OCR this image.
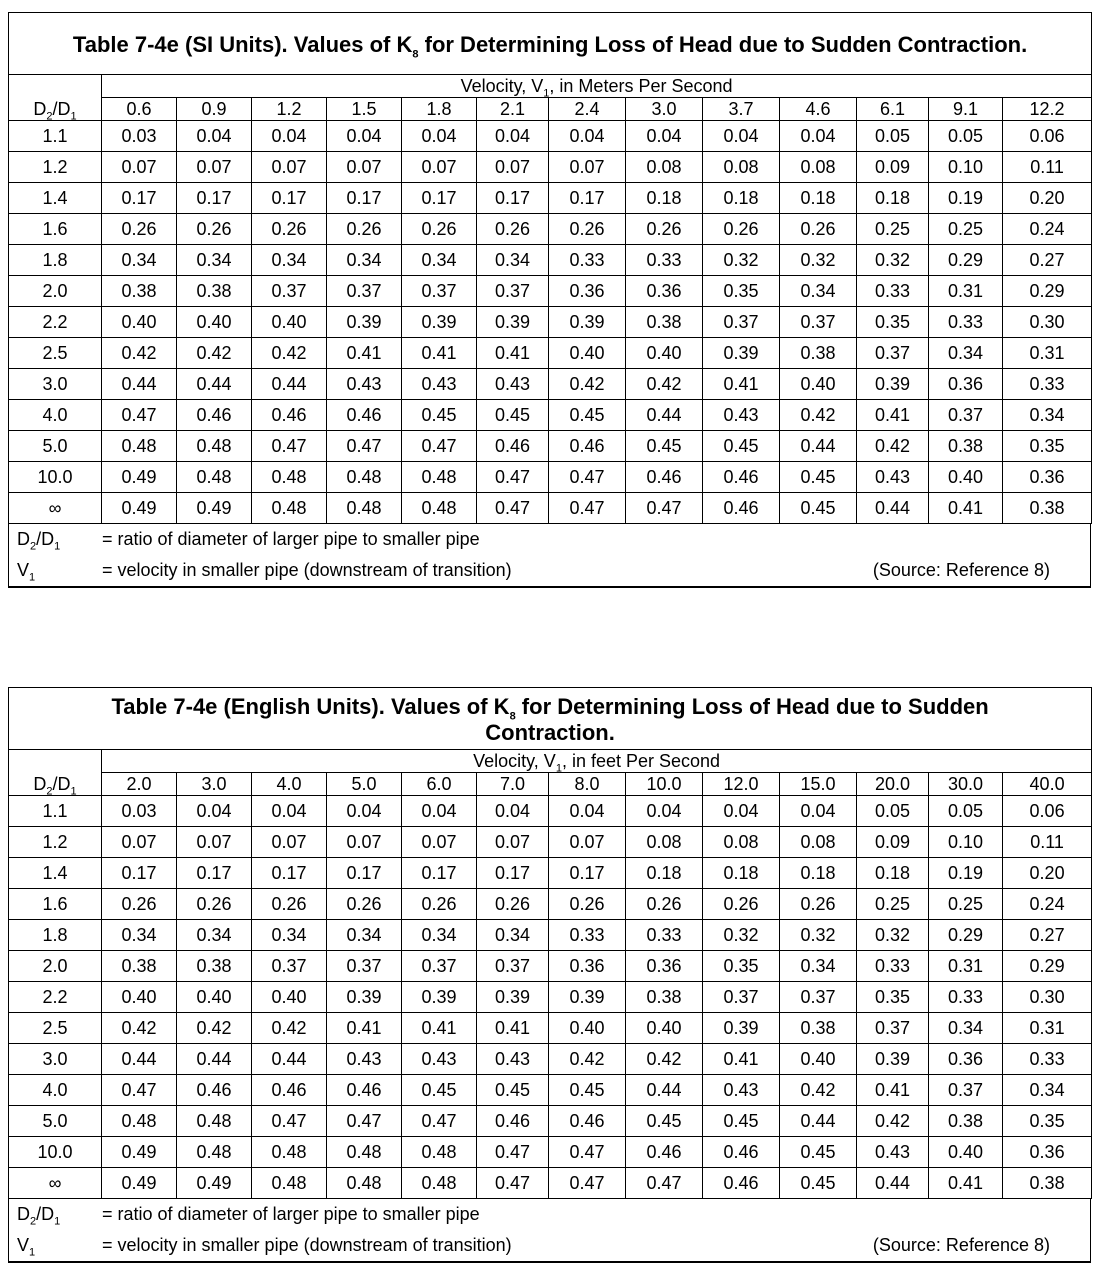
Table 7-4e (SI Units). Values of $K_8$ for Determining Loss of Head due to Sudden Contraction.													
$D_2/D_1$	Velocity, $V_1$, in Meters Per Second												
	0.6	0.9	1.2	1.5	1.8	2.1	2.4	3.0	3.7	4.6	6.1	9.1	12.2
1.1	0.03	0.04	0.04	0.04	0.04	0.04	0.04	0.04	0.04	0.04	0.05	0.05	0.06
1.2	0.07	0.07	0.07	0.07	0.07	0.07	0.07	0.08	0.08	0.08	0.09	0.10	0.11
1.4	0.17	0.17	0.17	0.17	0.17	0.17	0.17	0.18	0.18	0.18	0.18	0.19	0.20
1.6	0.26	0.26	0.26	0.26	0.26	0.26	0.26	0.26	0.26	0.26	0.25	0.25	0.24
1.8	0.34	0.34	0.34	0.34	0.34	0.34	0.33	0.33	0.32	0.32	0.32	0.29	0.27
2.0	0.38	0.38	0.37	0.37	0.37	0.37	0.36	0.36	0.35	0.34	0.33	0.31	0.29
2.2	0.40	0.40	0.40	0.39	0.39	0.39	0.39	0.38	0.37	0.37	0.35	0.33	0.30
2.5	0.42	0.42	0.42	0.41	0.41	0.41	0.40	0.40	0.39	0.38	0.37	0.34	0.31
3.0	0.44	0.44	0.44	0.43	0.43	0.43	0.42	0.42	0.41	0.40	0.39	0.36	0.33
4.0	0.47	0.46	0.46	0.46	0.45	0.45	0.45	0.44	0.43	0.42	0.41	0.37	0.34
5.0	0.48	0.48	0.47	0.47	0.47	0.46	0.46	0.45	0.45	0.44	0.42	0.38	0.35
10.0	0.49	0.48	0.48	0.48	0.48	0.47	0.47	0.46	0.46	0.45	0.43	0.40	0.36
∞	0.49	0.49	0.48	0.48	0.48	0.47	0.47	0.47	0.46	0.45	0.44	0.41	0.38
$D_2/D_1$	= ratio of diameter of larger pipe to smaller pipe	
$V_1$	= velocity in smaller pipe (downstream of transition)	(Source: Reference 8)
Table 7-4e (English Units). Values of $K_8$ for Determining Loss of Head due to Sudden Contraction.													
$D_2/D_1$	Velocity, $V_1$, in feet Per Second												
	2.0	3.0	4.0	5.0	6.0	7.0	8.0	10.0	12.0	15.0	20.0	30.0	40.0
1.1	0.03	0.04	0.04	0.04	0.04	0.04	0.04	0.04	0.04	0.04	0.05	0.05	0.06
1.2	0.07	0.07	0.07	0.07	0.07	0.07	0.07	0.08	0.08	0.08	0.09	0.10	0.11
1.4	0.17	0.17	0.17	0.17	0.17	0.17	0.17	0.18	0.18	0.18	0.18	0.19	0.20
1.6	0.26	0.26	0.26	0.26	0.26	0.26	0.26	0.26	0.26	0.26	0.25	0.25	0.24
1.8	0.34	0.34	0.34	0.34	0.34	0.34	0.33	0.33	0.32	0.32	0.32	0.29	0.27
2.0	0.38	0.38	0.37	0.37	0.37	0.37	0.36	0.36	0.35	0.34	0.33	0.31	0.29
2.2	0.40	0.40	0.40	0.39	0.39	0.39	0.39	0.38	0.37	0.37	0.35	0.33	0.30
2.5	0.42	0.42	0.42	0.41	0.41	0.41	0.40	0.40	0.39	0.38	0.37	0.34	0.31
3.0	0.44	0.44	0.44	0.43	0.43	0.43	0.42	0.42	0.41	0.40	0.39	0.36	0.33
4.0	0.47	0.46	0.46	0.46	0.45	0.45	0.45	0.44	0.43	0.42	0.41	0.37	0.34
5.0	0.48	0.48	0.47	0.47	0.47	0.46	0.46	0.45	0.45	0.44	0.42	0.38	0.35
10.0	0.49	0.48	0.48	0.48	0.48	0.47	0.47	0.46	0.46	0.45	0.43	0.40	0.36
∞	0.49	0.49	0.48	0.48	0.48	0.47	0.47	0.47	0.46	0.45	0.44	0.41	0.38
$D_2/D_1$	= ratio of diameter of larger pipe to smaller pipe	
$V_1$	= velocity in smaller pipe (downstream of transition)	(Source: Reference 8)
